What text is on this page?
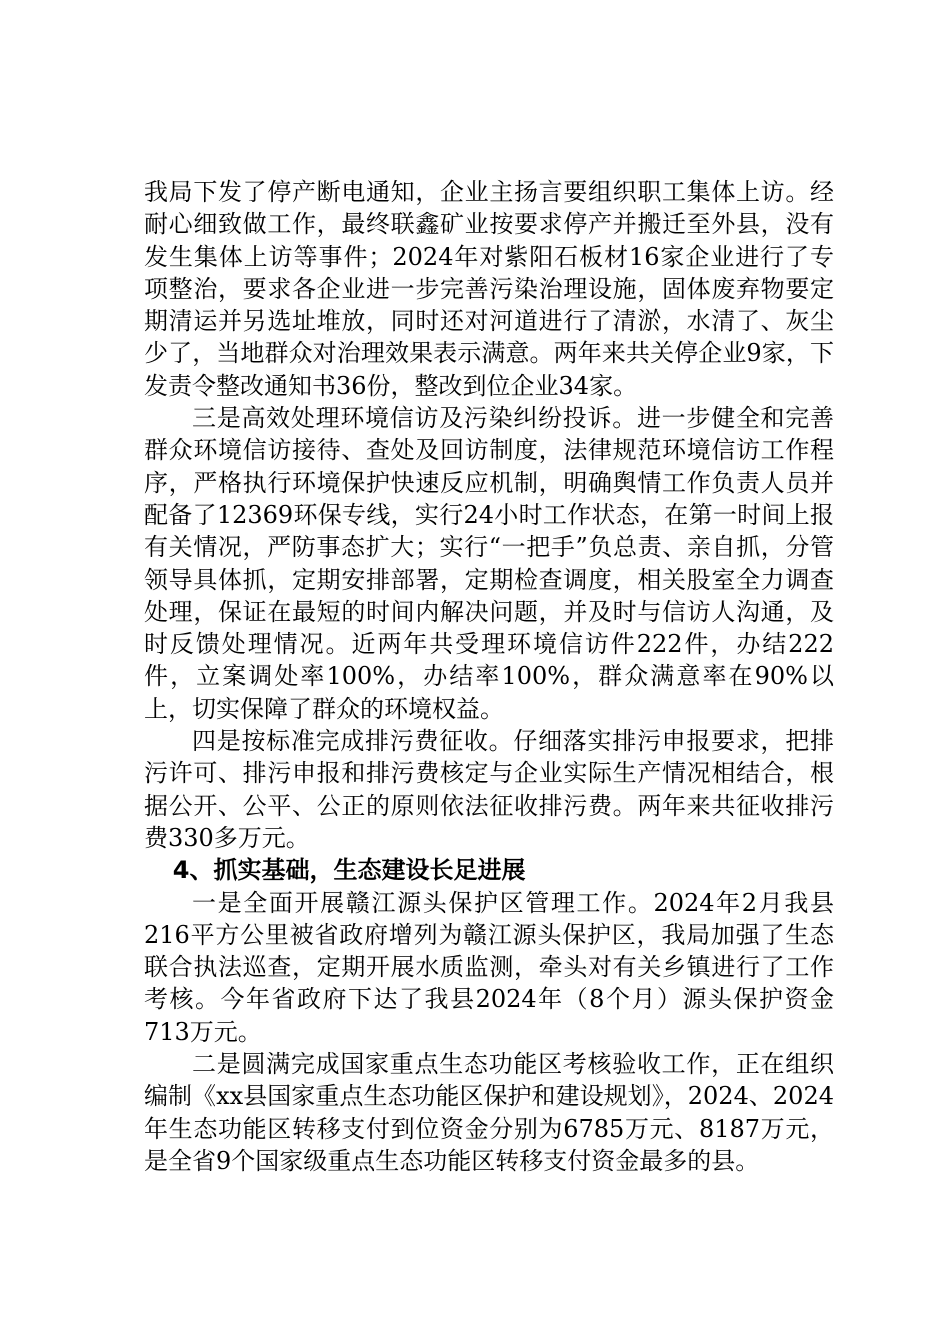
我局下发了停产断电通知，企业主扬言要组织职工集体上访。经耐心细致做工作，最终联鑫矿业按要求停产并搬迁至外县，没有发生集体上访等事件；2024年对紫阳石板材16家企业进行了专项整治，要求各企业进一步完善污染治理设施，固体废弃物要定期清运并另选址堆放，同时还对河道进行了清淤，水清了、灰尘少了，当地群众对治理效果表示满意。两年来共关停企业9家，下发责令整改通知书36份，整改到位企业34家。

三是高效处理环境信访及污染纠纷投诉。进一步健全和完善群众环境信访接待、查处及回访制度，法律规范环境信访工作程序，严格执行环境保护快速反应机制，明确舆情工作负责人员并配备了12369环保专线，实行24小时工作状态，在第一时间上报有关情况，严防事态扩大；实行“一把手”负总责、亲自抓，分管领导具体抓，定期安排部署，定期检查调度，相关股室全力调查处理，保证在最短的时间内解决问题，并及时与信访人沟通，及时反馈处理情况。近两年共受理环境信访件222件，办结222件，立案调处率100%，办结率100%，群众满意率在90%以上，切实保障了群众的环境权益。

四是按标准完成排污费征收。仔细落实排污申报要求，把排污许可、排污申报和排污费核定与企业实际生产情况相结合，根据公开、公平、公正的原则依法征收排污费。两年来共征收排污费330多万元。

4、抓实基础，生态建设长足进展

一是全面开展赣江源头保护区管理工作。2024年2月我县216平方公里被省政府增列为赣江源头保护区，我局加强了生态联合执法巡查，定期开展水质监测，牵头对有关乡镇进行了工作考核。今年省政府下达了我县2024年（8个月）源头保护资金713万元。

二是圆满完成国家重点生态功能区考核验收工作，正在组织编制《xx县国家重点生态功能区保护和建设规划》，2024、2024年生态功能区转移支付到位资金分别为6785万元、8187万元，是全省9个国家级重点生态功能区转移支付资金最多的县。
